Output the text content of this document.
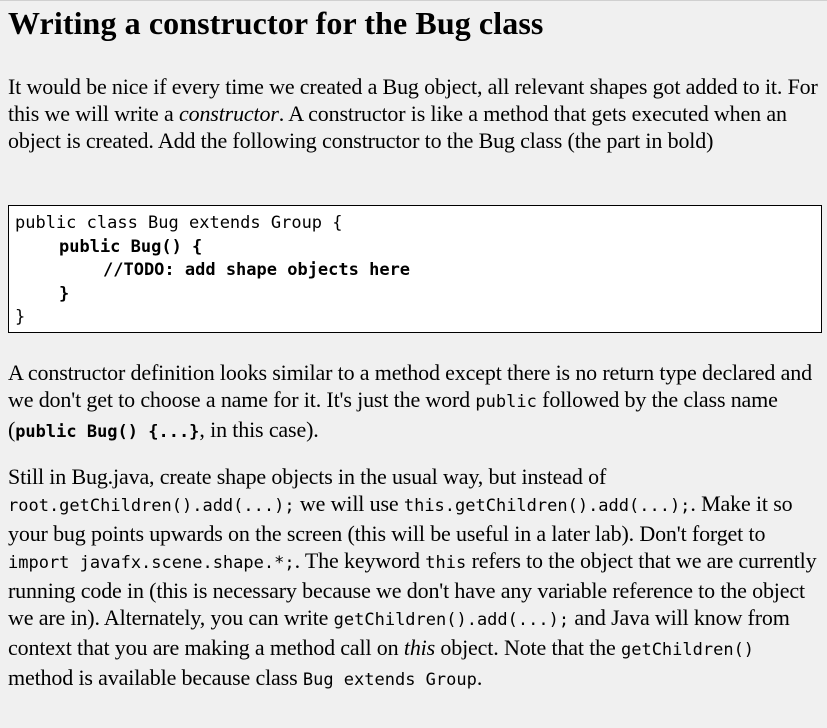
Writing a constructor for the Bug class

It would be nice if every time we created a Bug object, all relevant shapes got added to it. For this we will write a constructor. A constructor is like a method that gets executed when an object is created. Add the following constructor to the Bug class (the part in bold)

public class Bug extends Group {
public Bug() {
//TODO: add shape objects here
}
}

A constructor definition looks similar to a method except there is no return type declared and we don't get to choose a name for it. It's just the word public followed by the class name (public Bug() {...}, in this case).

Still in Bug.java, create shape objects in the usual way, but instead of root.getChildren().add(...); we will use this.getChildren().add(...);. Make it so your bug points upwards on the screen (this will be useful in a later lab). Don't forget to import javafx.scene.shape.*;. The keyword this refers to the object that we are currently running code in (this is necessary because we don't have any variable reference to the object we are in). Alternately, you can write getChildren().add(...); and Java will know from context that you are making a method call on this object. Note that the getChildren() method is available because class Bug extends Group.
